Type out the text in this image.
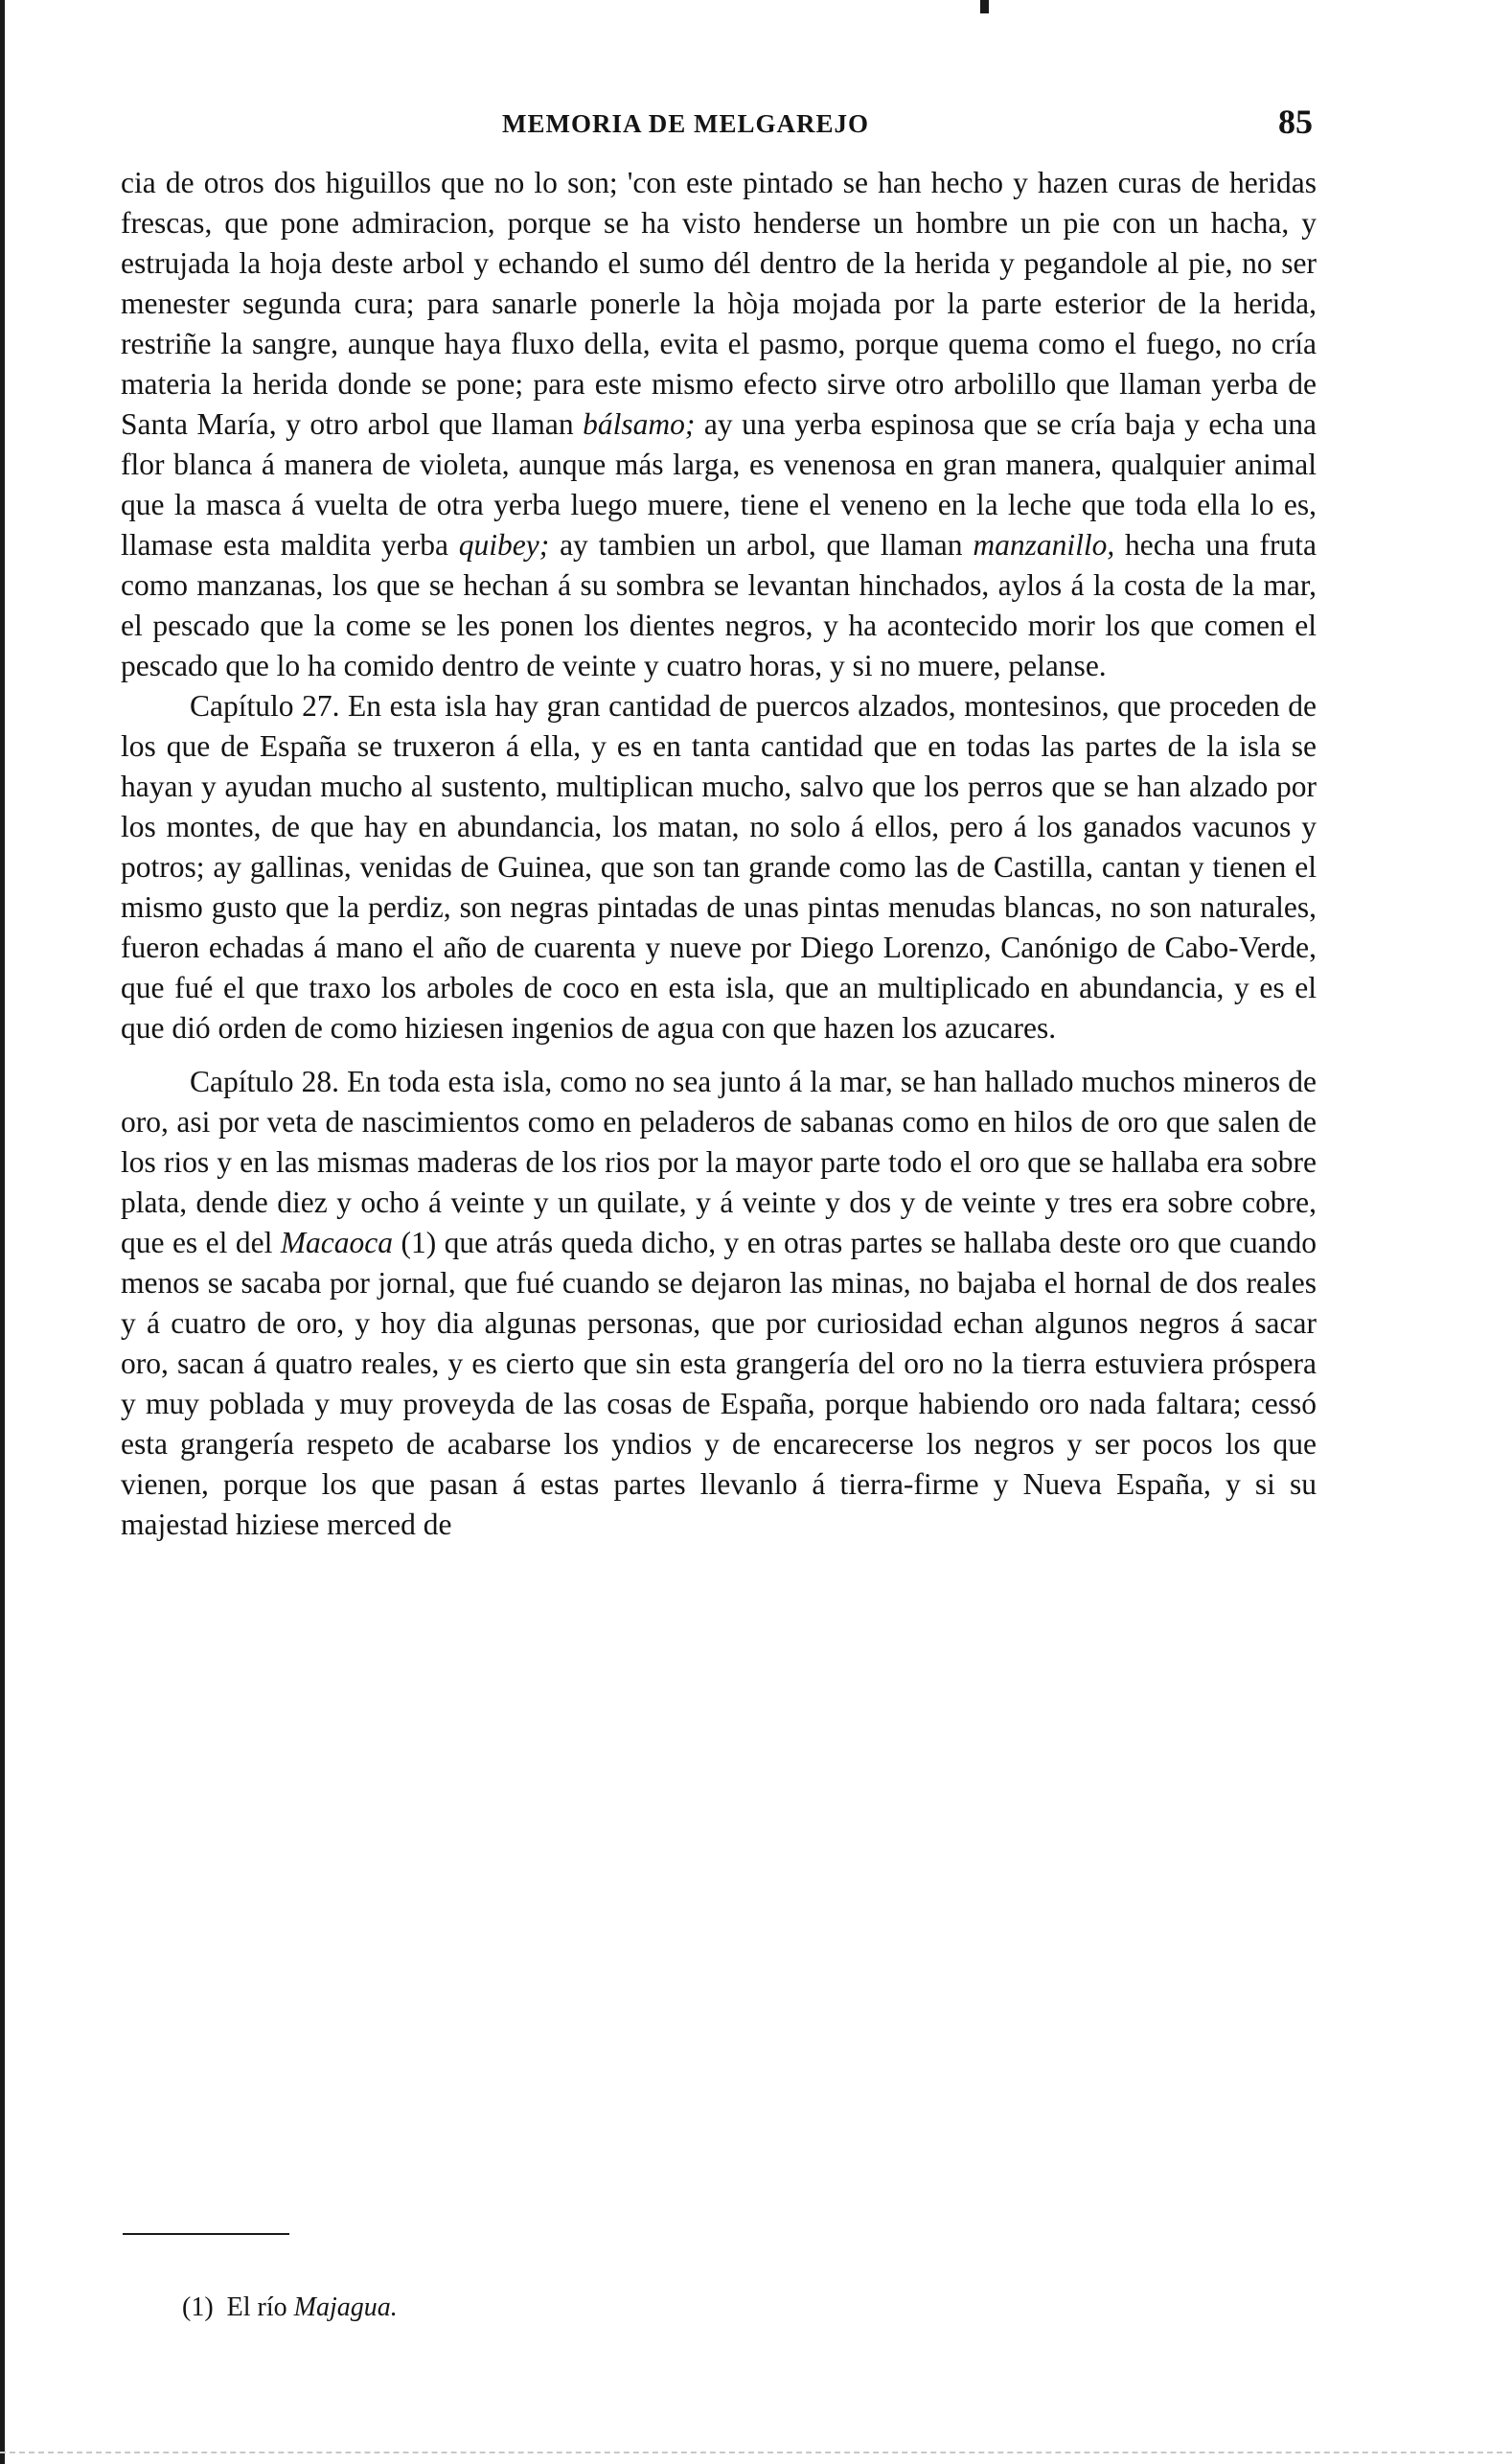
MEMORIA DE MELGAREJO	85

cia de otros dos higuillos que no lo son; 'con este pintado se han hecho y hazen curas de heridas frescas, que pone admiracion, porque se ha visto henderse un hombre un pie con un hacha, y estrujada la hoja deste arbol y echando el sumo dél dentro de la herida y pegandole al pie, no ser menester segunda cura; para sanarle ponerle la hòja mojada por la parte esterior de la herida, restriñe la sangre, aunque haya fluxo della, evita el pasmo, porque quema como el fuego, no cría materia la herida donde se pone; para este mismo efecto sirve otro arbolillo que llaman yerba de Santa María, y otro arbol que llaman bálsamo; ay una yerba espinosa que se cría baja y echa una flor blanca á manera de violeta, aunque más larga, es venenosa en gran manera, qualquier animal que la masca á vuelta de otra yerba luego muere, tiene el veneno en la leche que toda ella lo es, llamase esta maldita yerba quibey; ay tambien un arbol, que llaman manzanillo, hecha una fruta como manzanas, los que se hechan á su sombra se levantan hinchados, aylos á la costa de la mar, el pescado que la come se les ponen los dientes negros, y ha acontecido morir los que comen el pescado que lo ha comido dentro de veinte y cuatro horas, y si no muere, pelanse.

Capítulo 27. En esta isla hay gran cantidad de puercos alzados, montesinos, que proceden de los que de España se truxeron á ella, y es en tanta cantidad que en todas las partes de la isla se hayan y ayudan mucho al sustento, multiplican mucho, salvo que los perros que se han alzado por los montes, de que hay en abundancia, los matan, no solo á ellos, pero á los ganados vacunos y potros; ay gallinas, venidas de Guinea, que son tan grande como las de Castilla, cantan y tienen el mismo gusto que la perdiz, son negras pintadas de unas pintas menudas blancas, no son naturales, fueron echadas á mano el año de cuarenta y nueve por Diego Lorenzo, Canónigo de Cabo-Verde, que fué el que traxo los arboles de coco en esta isla, que an multiplicado en abundancia, y es el que dió orden de como hiziesen ingenios de agua con que hazen los azucares.

Capítulo 28. En toda esta isla, como no sea junto á la mar, se han hallado muchos mineros de oro, asi por veta de nascimientos como en peladeros de sabanas como en hilos de oro que salen de los rios y en las mismas maderas de los rios por la mayor parte todo el oro que se hallaba era sobre plata, dende diez y ocho á veinte y un quilate, y á veinte y dos y de veinte y tres era sobre cobre, que es el del Macaoca (1) que atrás queda dicho, y en otras partes se hallaba deste oro que cuando menos se sacaba por jornal, que fué cuando se dejaron las minas, no bajaba el hornal de dos reales y á cuatro de oro, y hoy dia algunas personas, que por curiosidad echan algunos negros á sacar oro, sacan á quatro reales, y es cierto que sin esta grangería del oro no la tierra estuviera próspera y muy poblada y muy proveyda de las cosas de España, porque habiendo oro nada faltara; cessó esta grangería respeto de acabarse los yndios y de encarecerse los negros y ser pocos los que vienen, porque los que pasan á estas partes llevanlo á tierra-firme y Nueva España, y si su majestad hiziese merced de

(1) El río Majagua.
